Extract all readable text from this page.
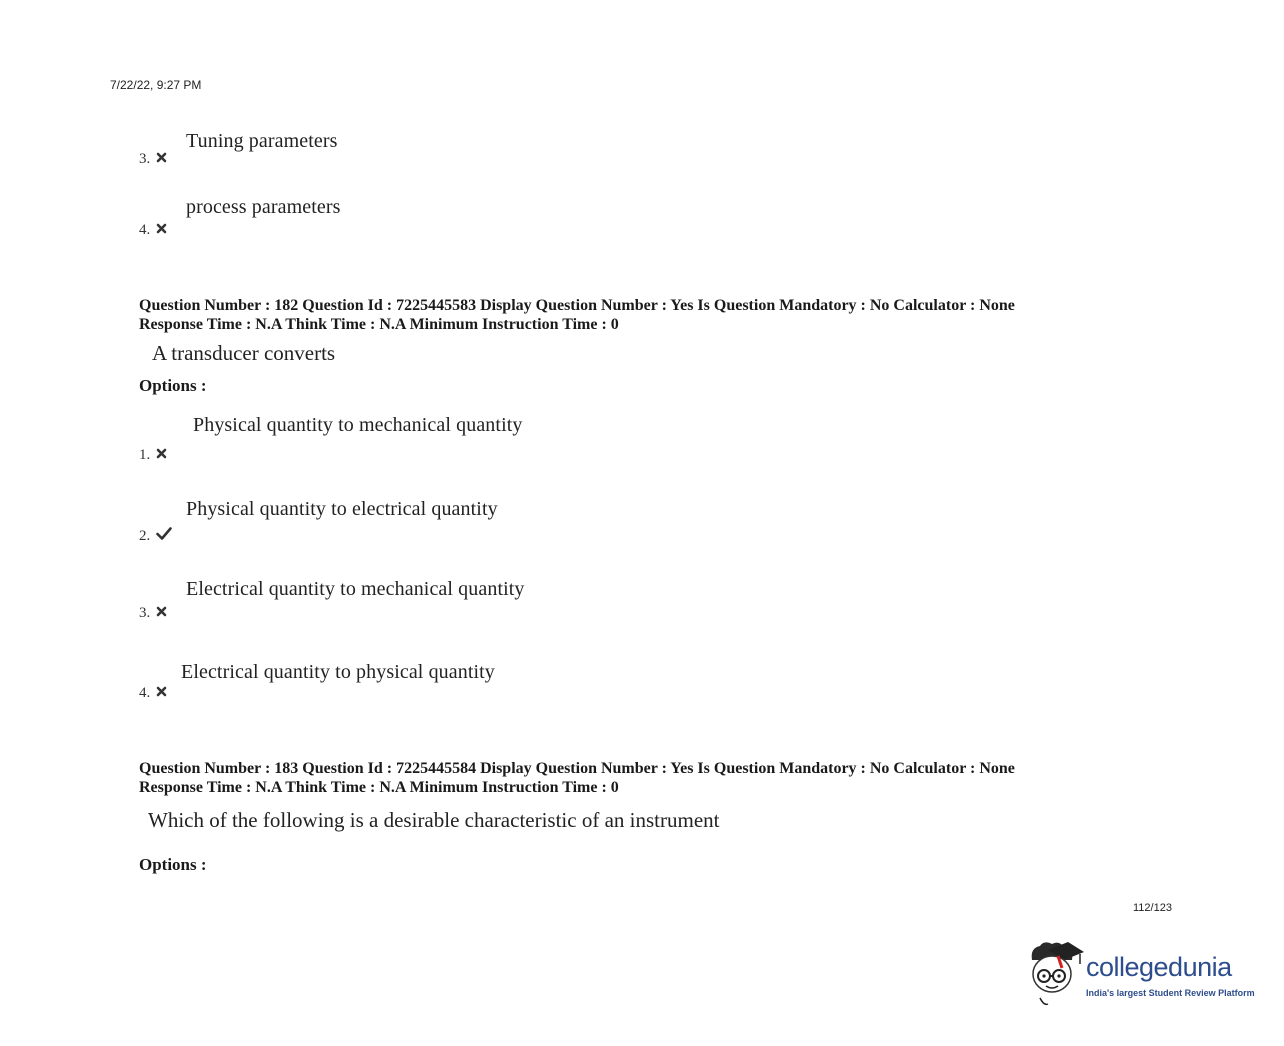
7/22/22, 9:27 PM
Tuning parameters
3.
process parameters
4.
Question Number : 182 Question Id : 7225445583 Display Question Number : Yes Is Question Mandatory : No Calculator : None
Response Time : N.A Think Time : N.A Minimum Instruction Time : 0
A transducer converts
Options :
Physical quantity to mechanical quantity
1.
Physical quantity to electrical quantity
2.
Electrical quantity to mechanical quantity
3.
Electrical quantity to physical quantity
4.
Question Number : 183 Question Id : 7225445584 Display Question Number : Yes Is Question Mandatory : No Calculator : None
Response Time : N.A Think Time : N.A Minimum Instruction Time : 0
Which of the following is a desirable characteristic of an instrument
Options :
112/123
collegedunia
India's largest Student Review Platform
